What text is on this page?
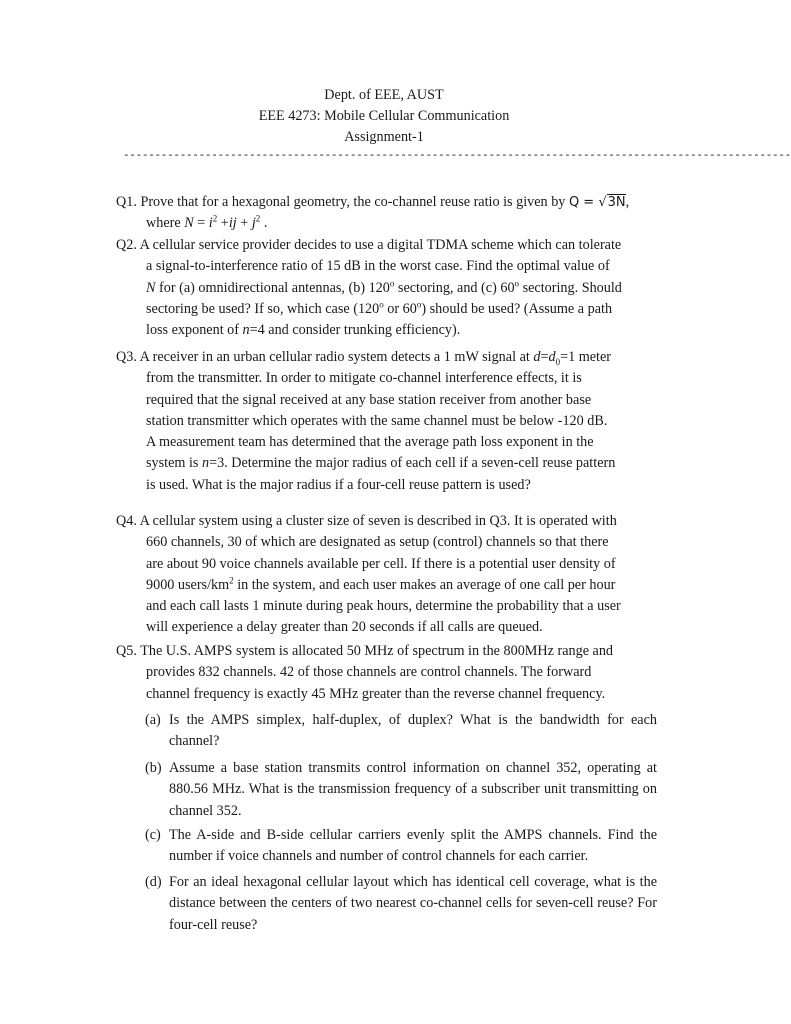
Dept. of EEE, AUST
EEE 4273: Mobile Cellular Communication
Assignment-1
----------------------------------------------------------------------------------------------------------

Q1. Prove that for a hexagonal geometry, the co-channel reuse ratio is given by Q = √3N,

where $N = i^2 +ij + j^2$ .

Q2. A cellular service provider decides to use a digital TDMA scheme which can tolerate

a signal-to-interference ratio of 15 dB in the worst case. Find the optimal value of

N for (a) omnidirectional antennas, (b) 120$^o$ sectoring, and (c) 60$^o$ sectoring. Should

sectoring be used? If so, which case (120$^o$ or 60$^o$) should be used? (Assume a path

loss exponent of n=4 and consider trunking efficiency).

Q3. A receiver in an urban cellular radio system detects a 1 mW signal at $d=d_0=1$ meter

from the transmitter. In order to mitigate co-channel interference effects, it is

required that the signal received at any base station receiver from another base

station transmitter which operates with the same channel must be below -120 dB.

A measurement team has determined that the average path loss exponent in the

system is n=3. Determine the major radius of each cell if a seven-cell reuse pattern

is used. What is the major radius if a four-cell reuse pattern is used?

Q4. A cellular system using a cluster size of seven is described in Q3. It is operated with

660 channels, 30 of which are designated as setup (control) channels so that there

are about 90 voice channels available per cell. If there is a potential user density of

9000 users/$km^2$ in the system, and each user makes an average of one call per hour

and each call lasts 1 minute during peak hours, determine the probability that a user

will experience a delay greater than 20 seconds if all calls are queued.

Q5. The U.S. AMPS system is allocated 50 MHz of spectrum in the 800MHz range and

provides 832 channels. 42 of those channels are control channels. The forward

channel frequency is exactly 45 MHz greater than the reverse channel frequency.

(a) Is the AMPS simplex, half-duplex, of duplex? What is the bandwidth for each channel?
(b) Assume a base station transmits control information on channel 352, operating at 880.56 MHz. What is the transmission frequency of a subscriber unit transmitting on channel 352.
(c) The A-side and B-side cellular carriers evenly split the AMPS channels. Find the number if voice channels and number of control channels for each carrier.
(d) For an ideal hexagonal cellular layout which has identical cell coverage, what is the distance between the centers of two nearest co-channel cells for seven-cell reuse? For four-cell reuse?
